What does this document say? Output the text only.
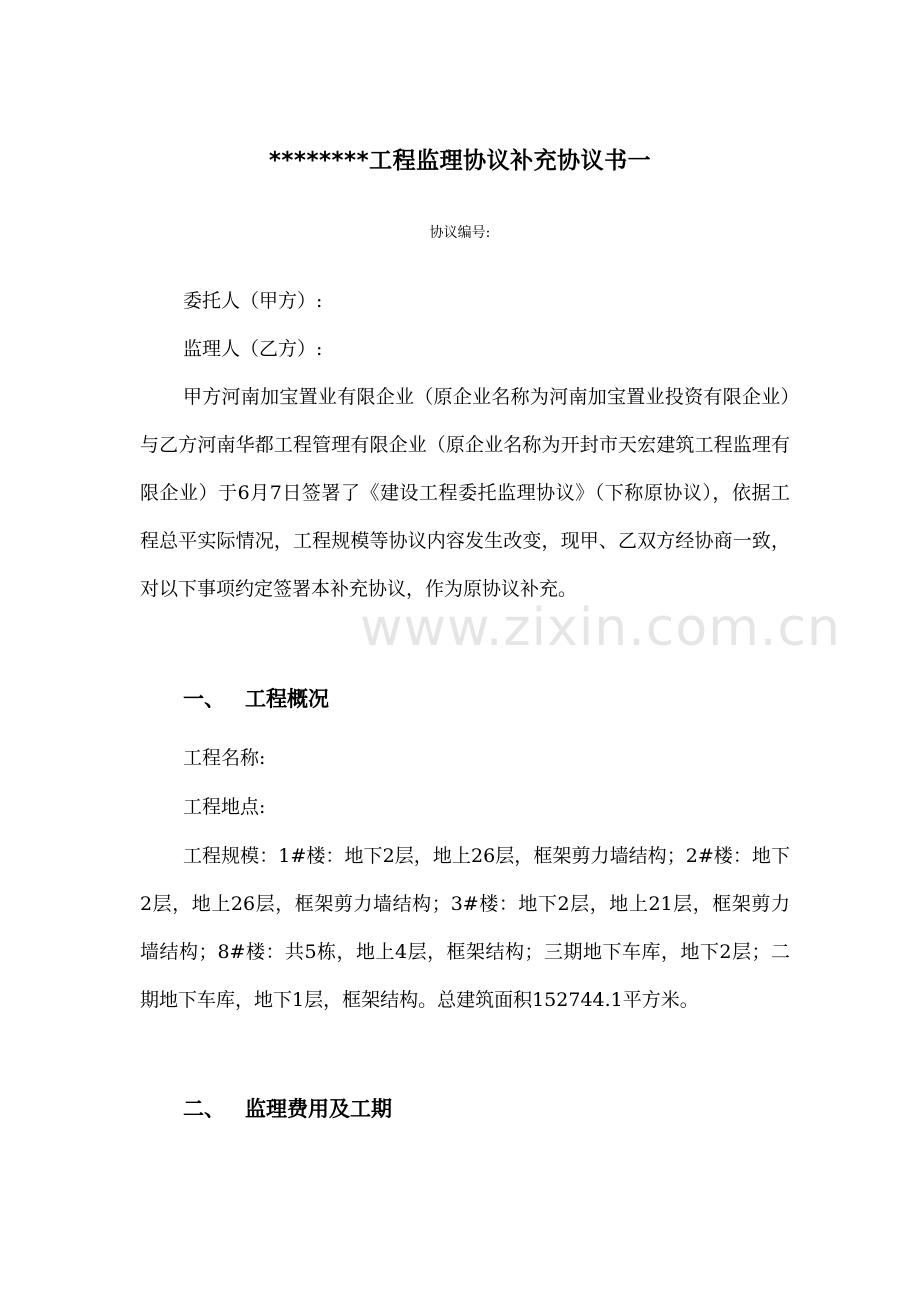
********工程监理协议补充协议书一
协议编号:
委托人（甲方）:
监理人（乙方）:

甲方河南加宝置业有限企业（原企业名称为河南加宝置业投资有限企业）与乙方河南华都工程管理有限企业（原企业名称为开封市天宏建筑工程监理有限企业）于6月7日签署了《建设工程委托监理协议》（下称原协议），依据工程总平实际情况，工程规模等协议内容发生改变，现甲、乙双方经协商一致，对以下事项约定签署本补充协议，作为原协议补充。

一、 工程概况
工程名称:
工程地点:

工程规模：1#楼：地下2层，地上26层，框架剪力墙结构；2#楼：地下2层，地上26层，框架剪力墙结构；3#楼：地下2层，地上21层，框架剪力墙结构；8#楼：共5栋，地上4层，框架结构；三期地下车库，地下2层；二期地下车库，地下1层，框架结构。总建筑面积152744.1平方米。

二、 监理费用及工期
www.zixin.com.cn
